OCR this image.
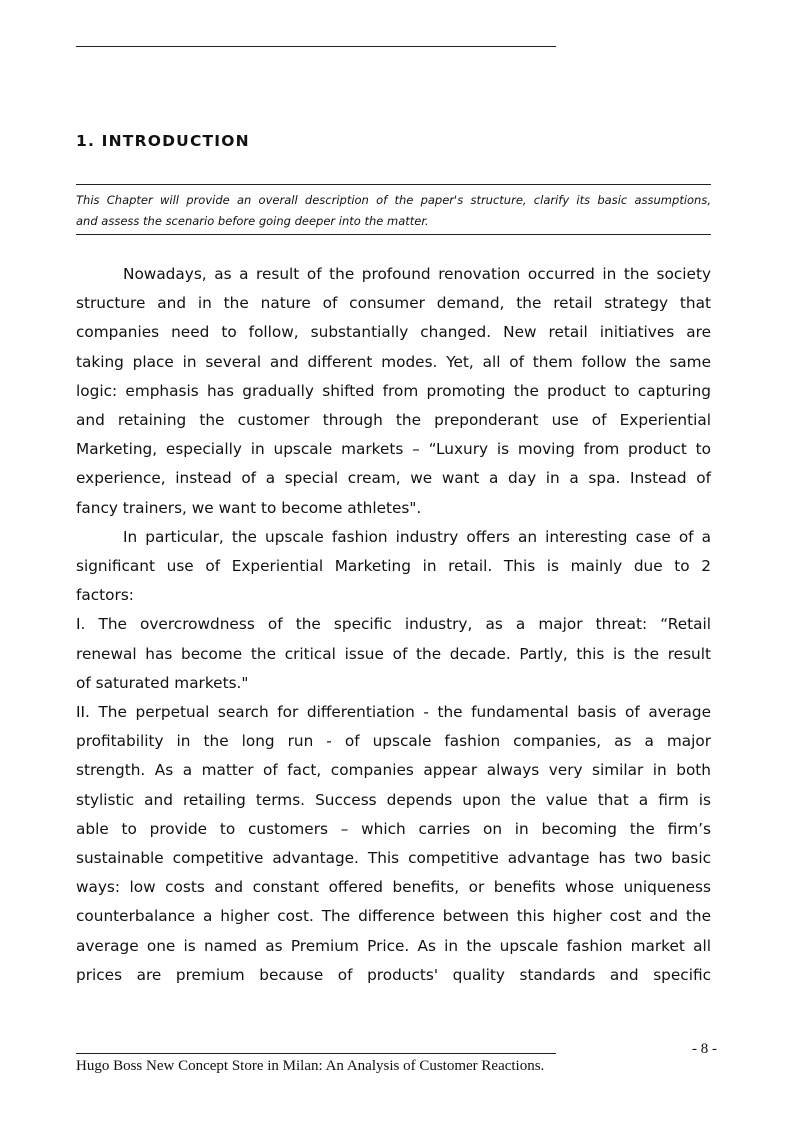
1. INTRODUCTION

This Chapter will provide an overall description of the paper's structure, clarify its basic assumptions,
and assess the scenario before going deeper into the matter.

Nowadays, as a result of the profound renovation occurred in the society
structure and in the nature of consumer demand, the retail strategy that
companies need to follow, substantially changed. New retail initiatives are
taking place in several and different modes. Yet, all of them follow the same
logic: emphasis has gradually shifted from promoting the product to capturing
and retaining the customer through the preponderant use of Experiential
Marketing, especially in upscale markets – “Luxury is moving from product to
experience, instead of a special cream, we want a day in a spa. Instead of
fancy trainers, we want to become athletes".
In particular, the upscale fashion industry offers an interesting case of a
significant use of Experiential Marketing in retail. This is mainly due to 2
factors:
I. The overcrowdness of the specific industry, as a major threat: “Retail
renewal has become the critical issue of the decade. Partly, this is the result
of saturated markets."
II. The perpetual search for differentiation - the fundamental basis of average
profitability in the long run - of upscale fashion companies, as a major
strength. As a matter of fact, companies appear always very similar in both
stylistic and retailing terms. Success depends upon the value that a firm is
able to provide to customers – which carries on in becoming the firm’s
sustainable competitive advantage. This competitive advantage has two basic
ways: low costs and constant offered benefits, or benefits whose uniqueness
counterbalance a higher cost. The difference between this higher cost and the
average one is named as Premium Price. As in the upscale fashion market all
prices are premium because of products' quality standards and specific
- 8 -
Hugo Boss New Concept Store in Milan: An Analysis of Customer Reactions.
